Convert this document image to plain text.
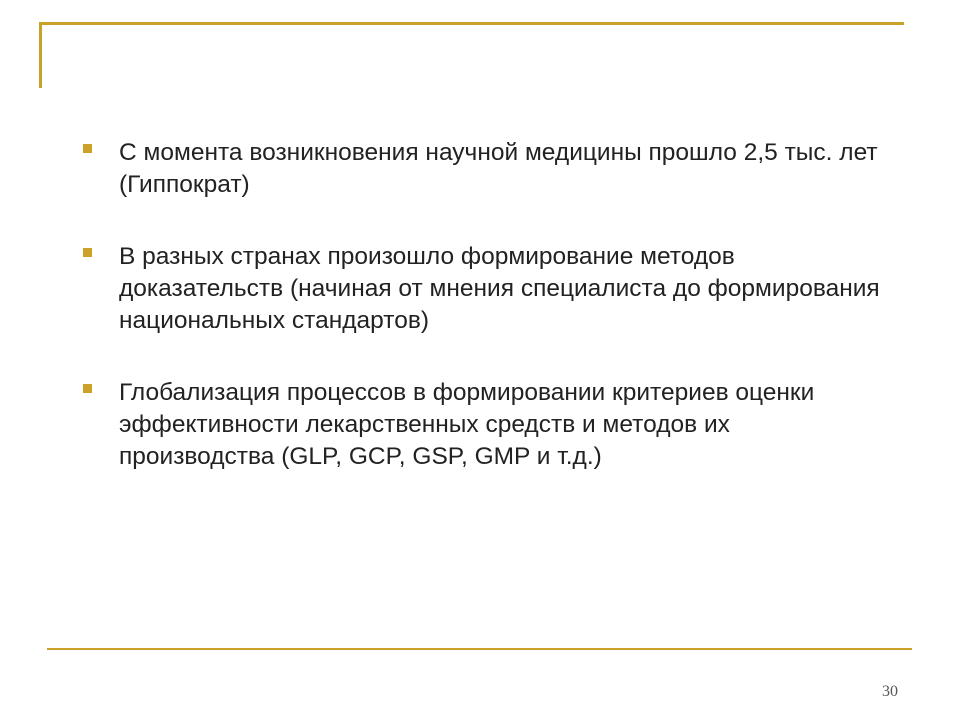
С момента возникновения научной медицины прошло 2,5 тыс. лет (Гиппократ)
В разных странах произошло формирование методов доказательств (начиная от мнения специалиста до формирования национальных стандартов)
Глобализация процессов в формировании критериев оценки эффективности лекарственных средств и методов их производства (GLP, GCP, GSP, GMP и т.д.)
30
